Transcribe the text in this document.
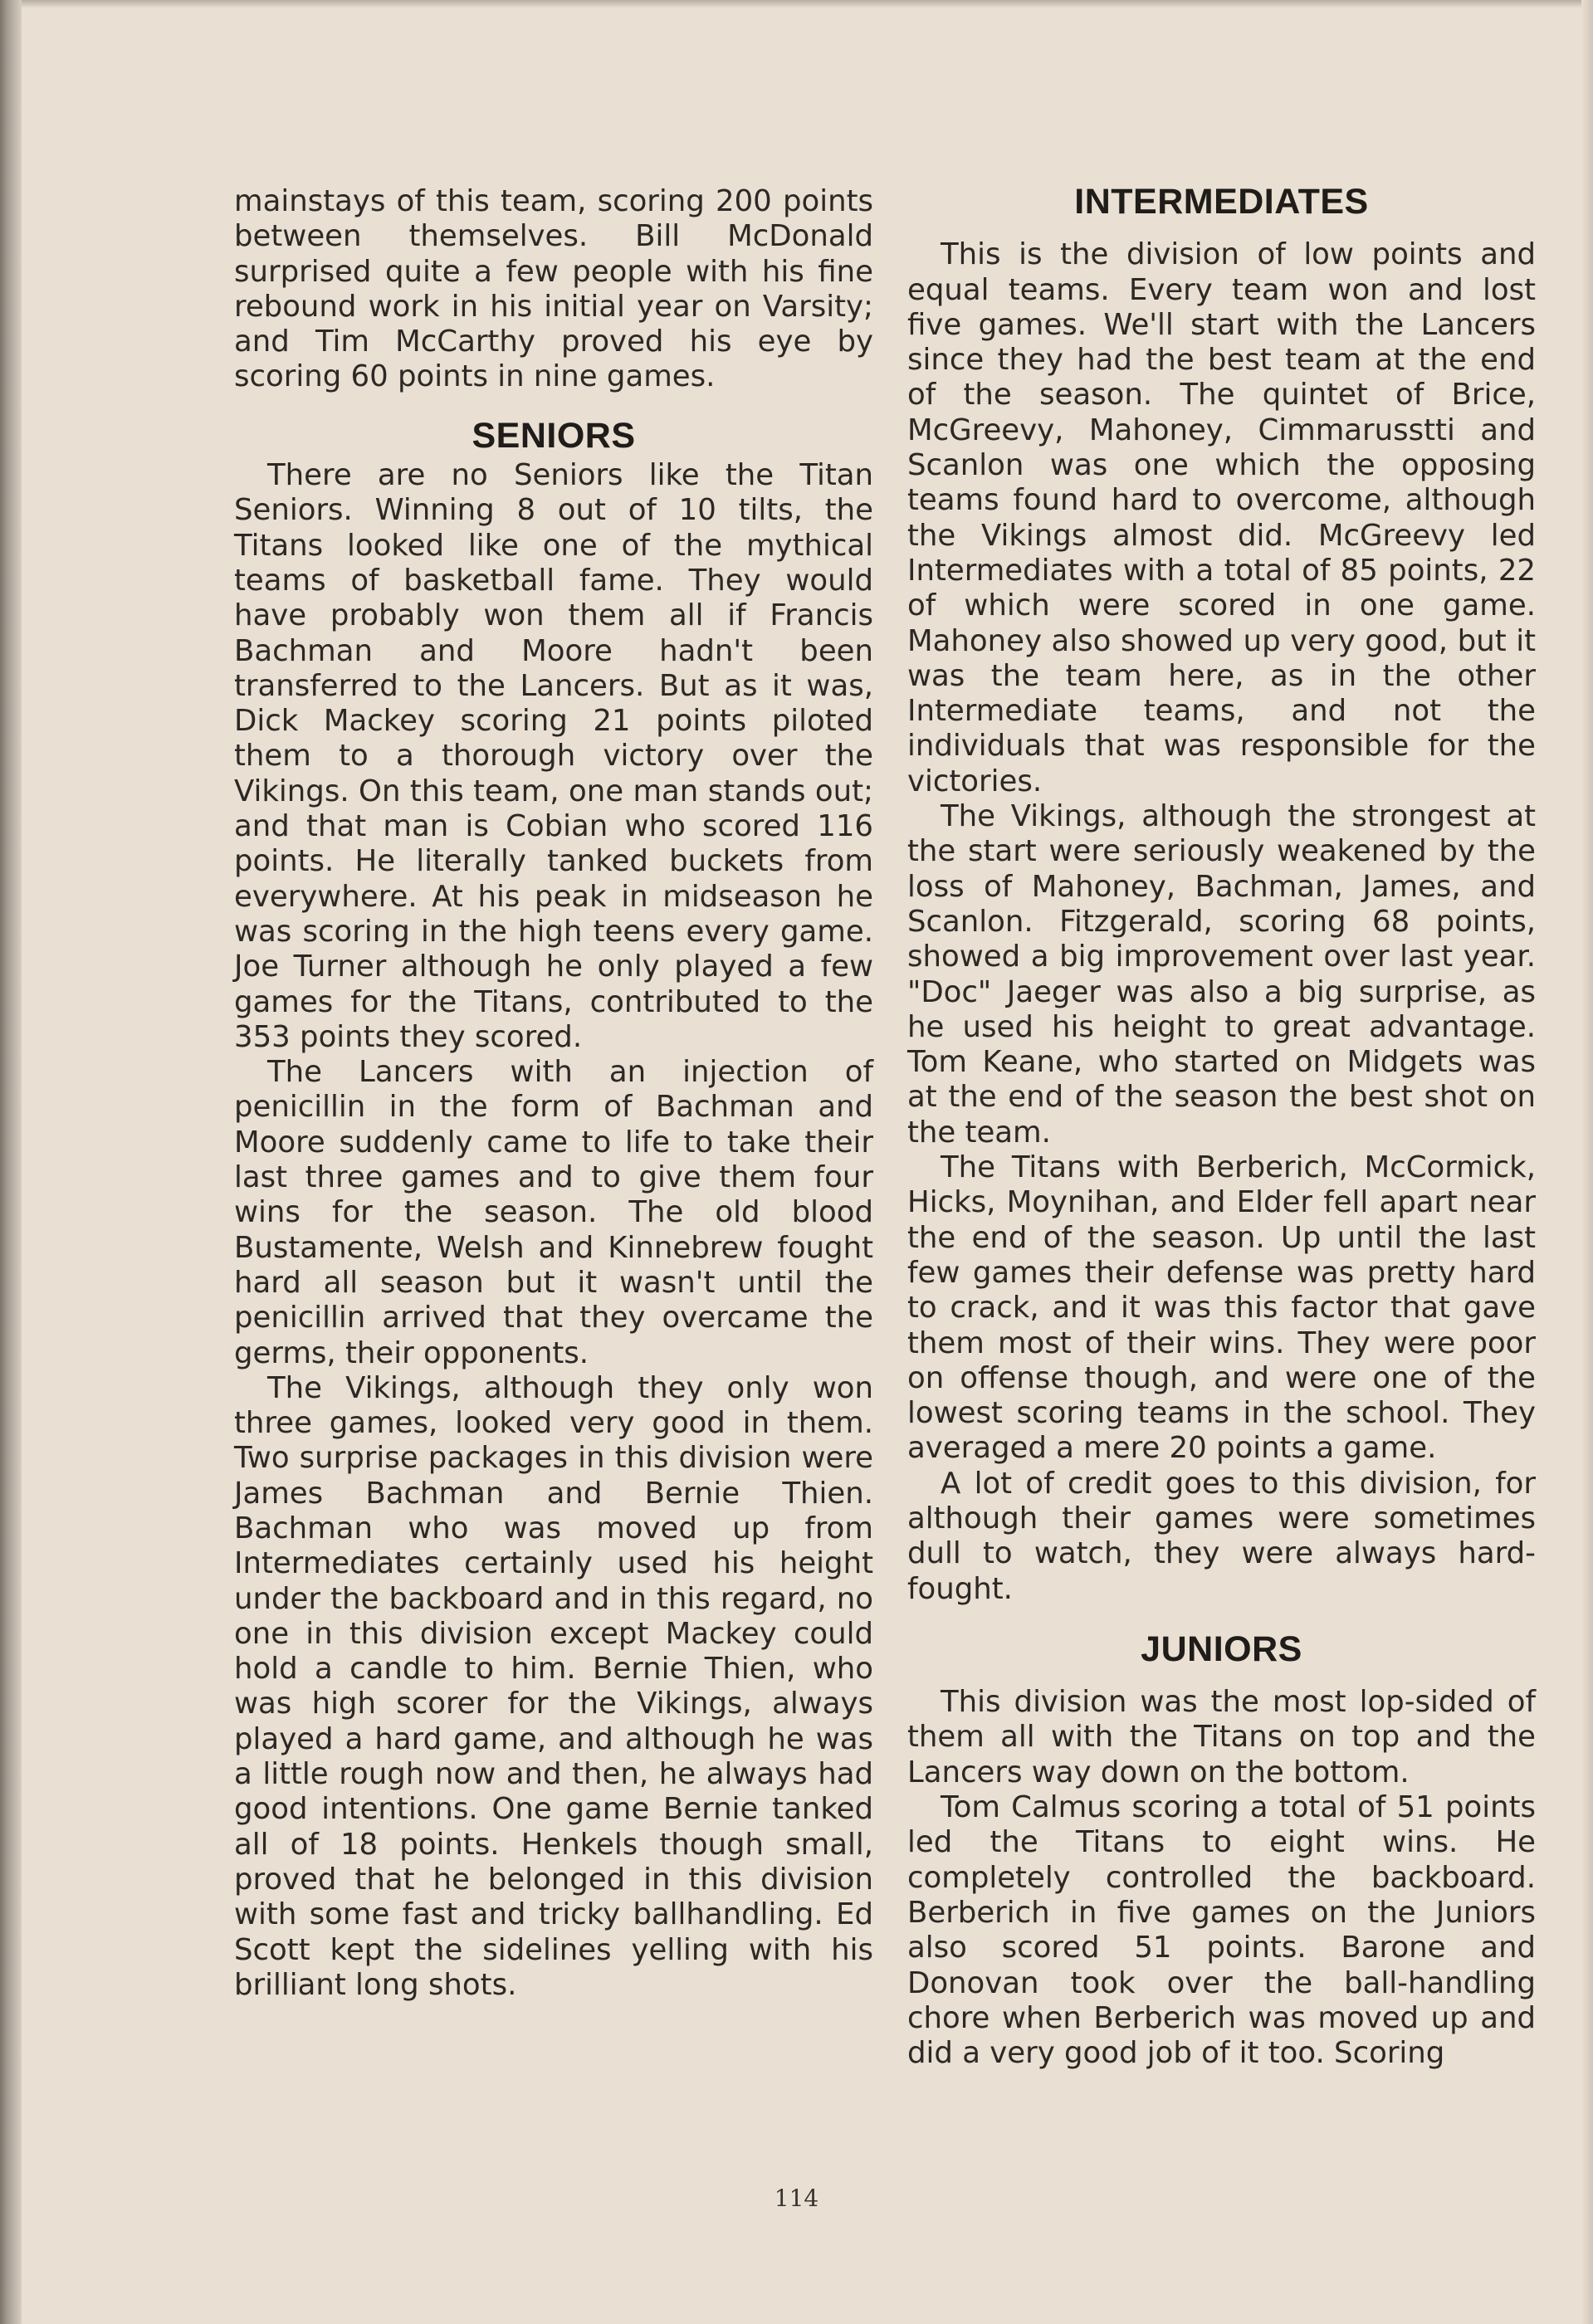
mainstays of this team, scoring 200 points between themselves. Bill McDonald surprised quite a few people with his fine rebound work in his initial year on Varsity; and Tim McCarthy proved his eye by scoring 60 points in nine games.

SENIORS

There are no Seniors like the Titan Seniors. Winning 8 out of 10 tilts, the Titans looked like one of the mythical teams of basketball fame. They would have probably won them all if Francis Bachman and Moore hadn't been transferred to the Lancers. But as it was, Dick Mackey scoring 21 points piloted them to a thorough victory over the Vikings. On this team, one man stands out; and that man is Cobian who scored 116 points. He literally tanked buckets from everywhere. At his peak in midseason he was scoring in the high teens every game. Joe Turner although he only played a few games for the Titans, contributed to the 353 points they scored.

The Lancers with an injection of penicillin in the form of Bachman and Moore suddenly came to life to take their last three games and to give them four wins for the season. The old blood Bustamente, Welsh and Kinnebrew fought hard all season but it wasn't until the penicillin arrived that they overcame the germs, their opponents.

The Vikings, although they only won three games, looked very good in them. Two surprise packages in this division were James Bachman and Bernie Thien. Bachman who was moved up from Intermediates certainly used his height under the backboard and in this regard, no one in this division except Mackey could hold a candle to him. Bernie Thien, who was high scorer for the Vikings, always played a hard game, and although he was a little rough now and then, he always had good intentions. One game Bernie tanked all of 18 points. Henkels though small, proved that he belonged in this division with some fast and tricky ballhandling. Ed Scott kept the sidelines yelling with his brilliant long shots.

INTERMEDIATES

This is the division of low points and equal teams. Every team won and lost five games. We'll start with the Lancers since they had the best team at the end of the season. The quintet of Brice, McGreevy, Mahoney, Cimmarusstti and Scanlon was one which the opposing teams found hard to overcome, although the Vikings almost did. McGreevy led Intermediates with a total of 85 points, 22 of which were scored in one game. Mahoney also showed up very good, but it was the team here, as in the other Intermediate teams, and not the individuals that was responsible for the victories.

The Vikings, although the strongest at the start were seriously weakened by the loss of Mahoney, Bachman, James, and Scanlon. Fitzgerald, scoring 68 points, showed a big improvement over last year. "Doc" Jaeger was also a big surprise, as he used his height to great advantage. Tom Keane, who started on Midgets was at the end of the season the best shot on the team.

The Titans with Berberich, McCormick, Hicks, Moynihan, and Elder fell apart near the end of the season. Up until the last few games their defense was pretty hard to crack, and it was this factor that gave them most of their wins. They were poor on offense though, and were one of the lowest scoring teams in the school. They averaged a mere 20 points a game.

A lot of credit goes to this division, for although their games were sometimes dull to watch, they were always hard-fought.

JUNIORS

This division was the most lop-sided of them all with the Titans on top and the Lancers way down on the bottom.

Tom Calmus scoring a total of 51 points led the Titans to eight wins. He completely controlled the backboard. Berberich in five games on the Juniors also scored 51 points. Barone and Donovan took over the ball-handling chore when Berberich was moved up and did a very good job of it too. Scoring

114
